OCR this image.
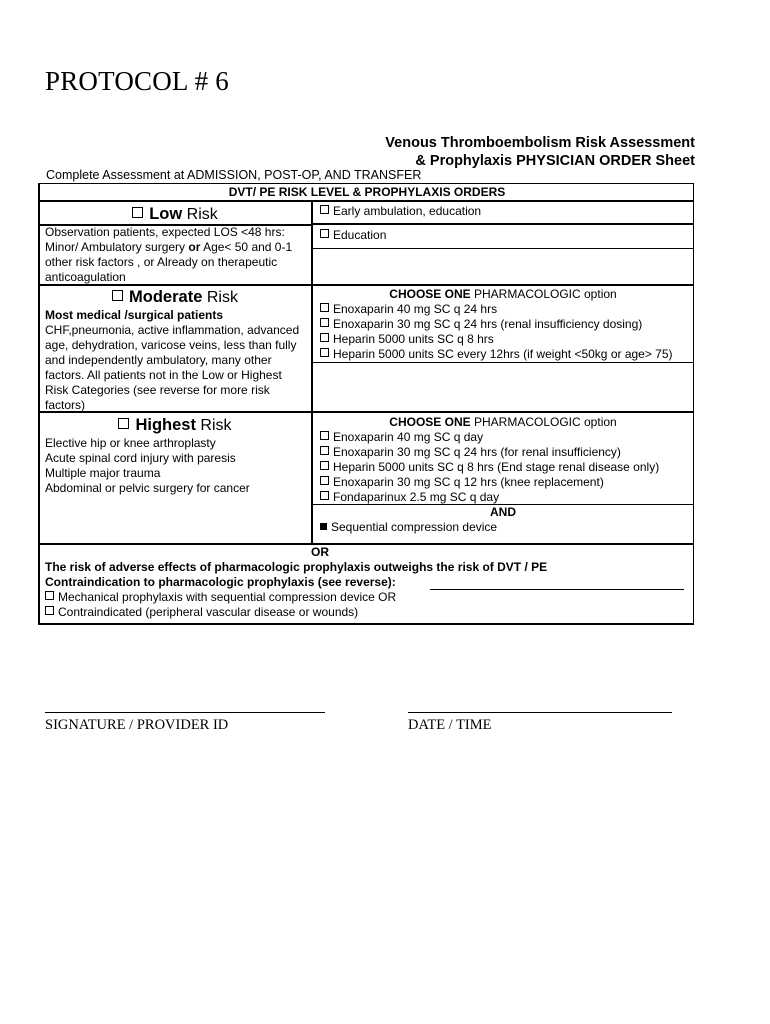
PROTOCOL # 6
Venous Thromboembolism Risk Assessment
& Prophylaxis PHYSICIAN ORDER Sheet
Complete Assessment at ADMISSION, POST-OP, AND TRANSFER
DVT/ PE RISK LEVEL & PROPHYLAXIS ORDERS
Low Risk
Observation patients, expected LOS <48 hrs: Minor/ Ambulatory surgery or Age< 50 and 0-1 other risk factors , or Already on therapeutic anticoagulation
Early ambulation, education
Education
Moderate Risk
Most medical /surgical patients
CHF,pneumonia, active inflammation, advanced age, dehydration, varicose veins, less than fully and independently ambulatory, many other factors. All patients not in the Low or Highest Risk Categories (see reverse for more risk factors)
CHOOSE ONE PHARMACOLOGIC option
Enoxaparin 40 mg SC q 24 hrs
Enoxaparin 30 mg SC q 24 hrs (renal insufficiency dosing)
Heparin 5000 units SC q 8 hrs
Heparin 5000 units SC every 12hrs (if weight <50kg or age> 75)
Highest Risk
Elective hip or knee arthroplasty
Acute spinal cord injury with paresis
Multiple major trauma
Abdominal or pelvic surgery for cancer
CHOOSE ONE PHARMACOLOGIC option
Enoxaparin 40 mg SC q day
Enoxaparin 30 mg SC q 24 hrs (for renal insufficiency)
Heparin 5000 units SC q 8 hrs (End stage renal disease only)
Enoxaparin 30 mg SC q 12 hrs (knee replacement)
Fondaparinux 2.5 mg SC q day
AND
Sequential compression device
OR
The risk of adverse effects of pharmacologic prophylaxis outweighs the risk of DVT / PE
Contraindication to pharmacologic prophylaxis (see reverse):
Mechanical prophylaxis with sequential compression device OR
Contraindicated (peripheral vascular disease or wounds)
SIGNATURE / PROVIDER ID	DATE / TIME
